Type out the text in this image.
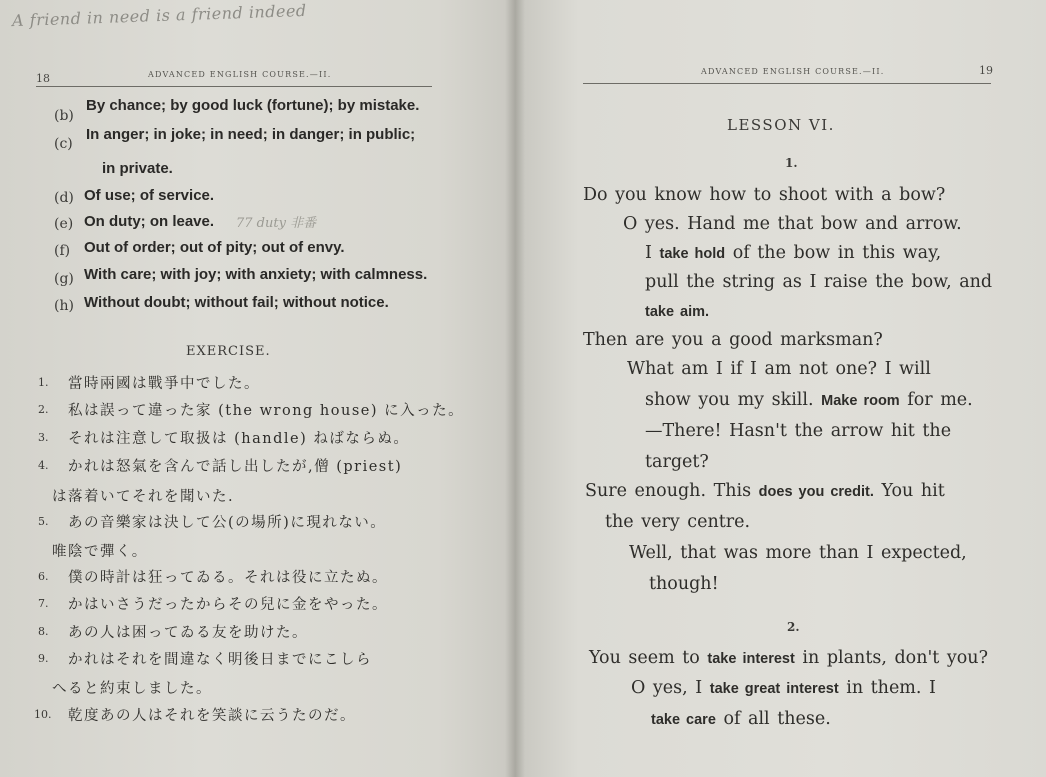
A friend in need is a friend indeed
18	ADVANCED ENGLISH COURSE.—II.
(b)
By chance; by good luck (fortune); by mistake.
(c)
In anger; in joke; in need; in danger; in public;
in private.
(d) Of use; of service.
(e) On duty; on leave. 77 duty 非番
(f) Out of order; out of pity; out of envy.
(g) With care; with joy; with anxiety; with calmness.
(h) Without doubt; without fail; without notice.
EXERCISE.
1. 當時兩國は戰爭中でした。
2. 私は誤って違った家 (the wrong house) に入った。
3. それは注意して取扱は (handle) ねばならぬ。
4. かれは怒氣を含んで話し出したが,僧 (priest)
は落着いてそれを聞いた.
5. あの音樂家は決して公(の場所)に現れない。
唯陰で彈く。
6. 僕の時計は狂ってゐる。それは役に立たぬ。
7. かはいさうだったからその兒に金をやった。
8. あの人は困ってゐる友を助けた。
9. かれはそれを間違なく明後日までにこしら
へると約束しました。
10. 乾度あの人はそれを笑談に云うたのだ。
ADVANCED ENGLISH COURSE.—II.	19
LESSON VI.
1.
Do you know how to shoot with a bow?
O yes. Hand me that bow and arrow.
I take hold of the bow in this way,
pull the string as I raise the bow, and
take aim.
Then are you a good marksman?
What am I if I am not one? I will
show you my skill. Make room for me.
—There! Hasn't the arrow hit the
target?
Sure enough. This does you credit. You hit
the very centre.
Well, that was more than I expected,
though!
2.
You seem to take interest in plants, don't you?
O yes, I take great interest in them. I
take care of all these.
